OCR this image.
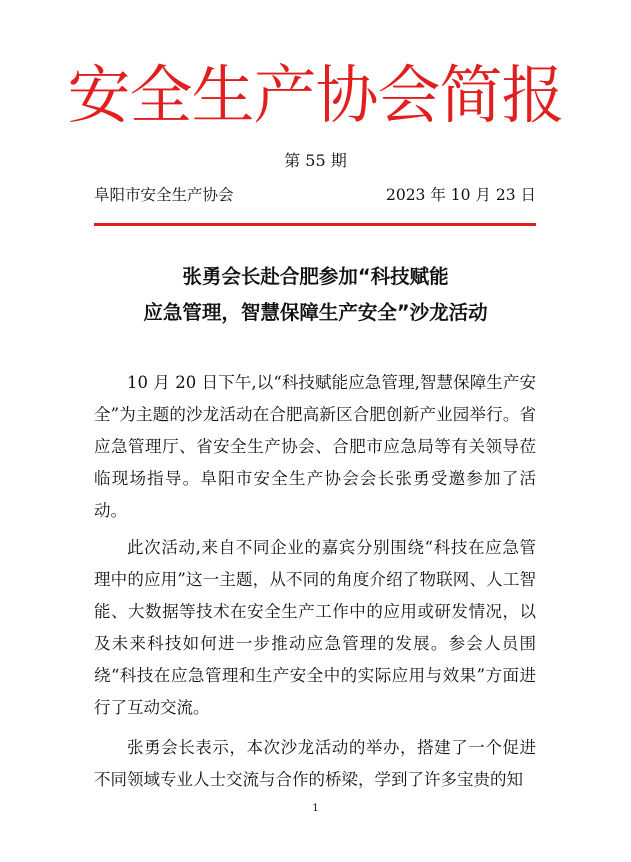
安全生产协会简报
第 55 期
阜阳市安全生产协会	2023 年 10 月 23 日
张勇会长赴合肥参加“科技赋能
应急管理，智慧保障生产安全”沙龙活动

10 月 20 日下午,以“科技赋能应急管理,智慧保障生产安全”为主题的沙龙活动在合肥高新区合肥创新产业园举行。省应急管理厅、省安全生产协会、合肥市应急局等有关领导莅临现场指导。阜阳市安全生产协会会长张勇受邀参加了活动。

此次活动,来自不同企业的嘉宾分别围绕“科技在应急管理中的应用”这一主题，从不同的角度介绍了物联网、人工智能、大数据等技术在安全生产工作中的应用或研发情况，以及未来科技如何进一步推动应急管理的发展。参会人员围绕“科技在应急管理和生产安全中的实际应用与效果”方面进行了互动交流。

张勇会长表示，本次沙龙活动的举办，搭建了一个促进不同领域专业人士交流与合作的桥梁，学到了许多宝贵的知

1
